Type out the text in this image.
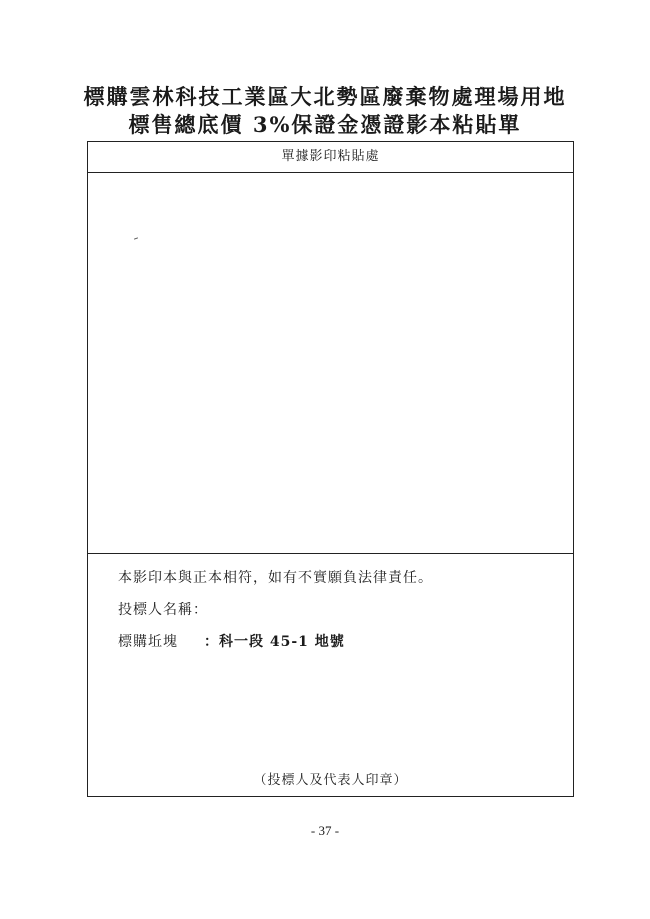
標購雲林科技工業區大北勢區廢棄物處理場用地
標售總底價 3%保證金憑證影本粘貼單
單據影印粘貼處
本影印本與正本相符，如有不實願負法律責任。
投標人名稱：
標購坵塊 ：科一段 45-1 地號
（投標人及代表人印章）
- 37 -
